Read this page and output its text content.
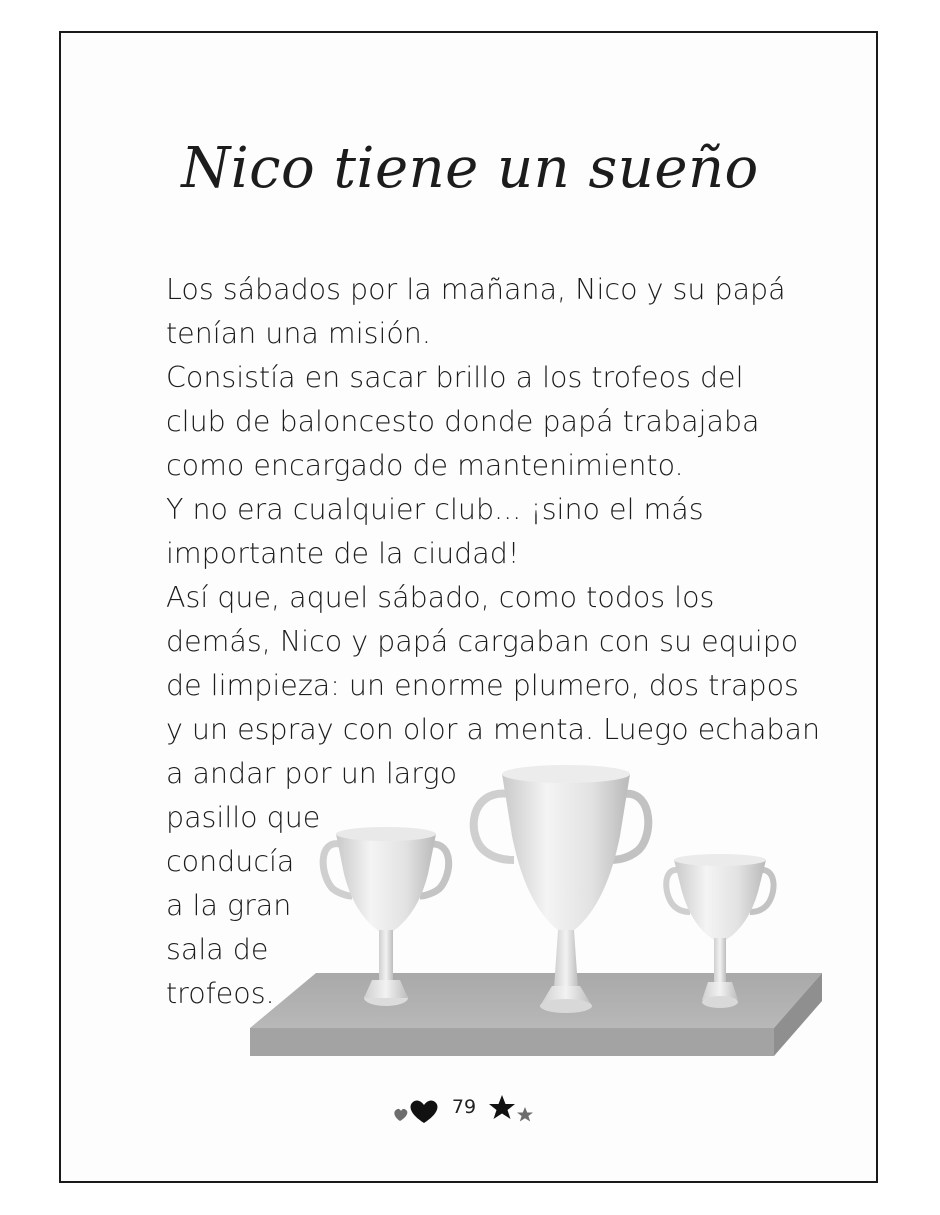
Nico tiene un sueño
Los sábados por la mañana, Nico y su papá
tenían una misión.
Consistía en sacar brillo a los trofeos del
club de baloncesto donde papá trabajaba
como encargado de mantenimiento.
Y no era cualquier club... ¡sino el más
importante de la ciudad!
Así que, aquel sábado, como todos los
demás, Nico y papá cargaban con su equipo
de limpieza: un enorme plumero, dos trapos
y un espray con olor a menta. Luego echaban
a andar por un largo
pasillo que
conducía
a la gran
sala de
trofeos.
79
